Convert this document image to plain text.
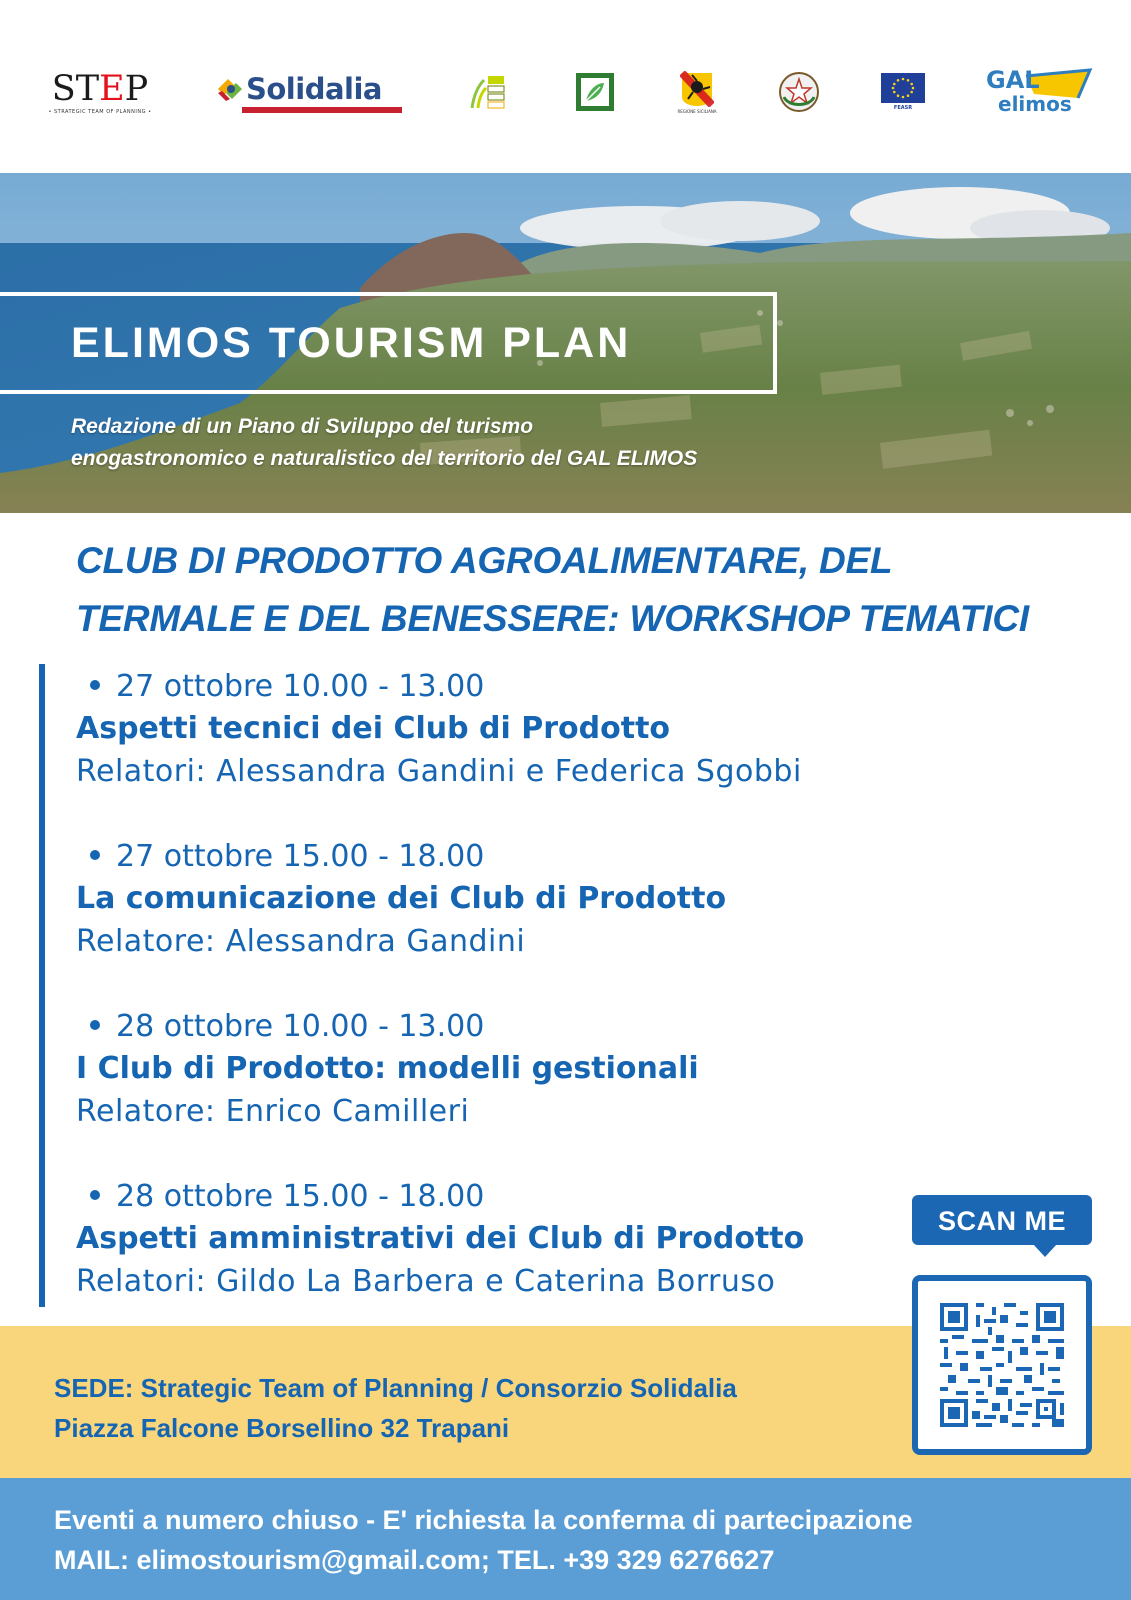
STEP
• STRATEGIC TEAM OF PLANNING •
Solidalia
REGIONE SICILIANA	FEASR
GAL
elimos
ELIMOS TOURISM PLAN
Redazione di un Piano di Sviluppo del turismo
enogastronomico e naturalistico del territorio del GAL ELIMOS
CLUB DI PRODOTTO AGROALIMENTARE, DEL
TERMALE E DEL BENESSERE: WORKSHOP TEMATICI
27 ottobre 10.00 - 13.00
Aspetti tecnici dei Club di Prodotto
Relatori: Alessandra Gandini e Federica Sgobbi
27 ottobre 15.00 - 18.00
La comunicazione dei Club di Prodotto
Relatore: Alessandra Gandini
28 ottobre 10.00 - 13.00
I Club di Prodotto: modelli gestionali
Relatore: Enrico Camilleri
28 ottobre 15.00 - 18.00
Aspetti amministrativi dei Club di Prodotto
Relatori: Gildo La Barbera e Caterina Borruso
SEDE: Strategic Team of Planning / Consorzio Solidalia
Piazza Falcone Borsellino 32 Trapani
Eventi a numero chiuso - E' richiesta la conferma di partecipazione
MAIL: elimostourism@gmail.com; TEL. +39 329 6276627
SCAN ME
